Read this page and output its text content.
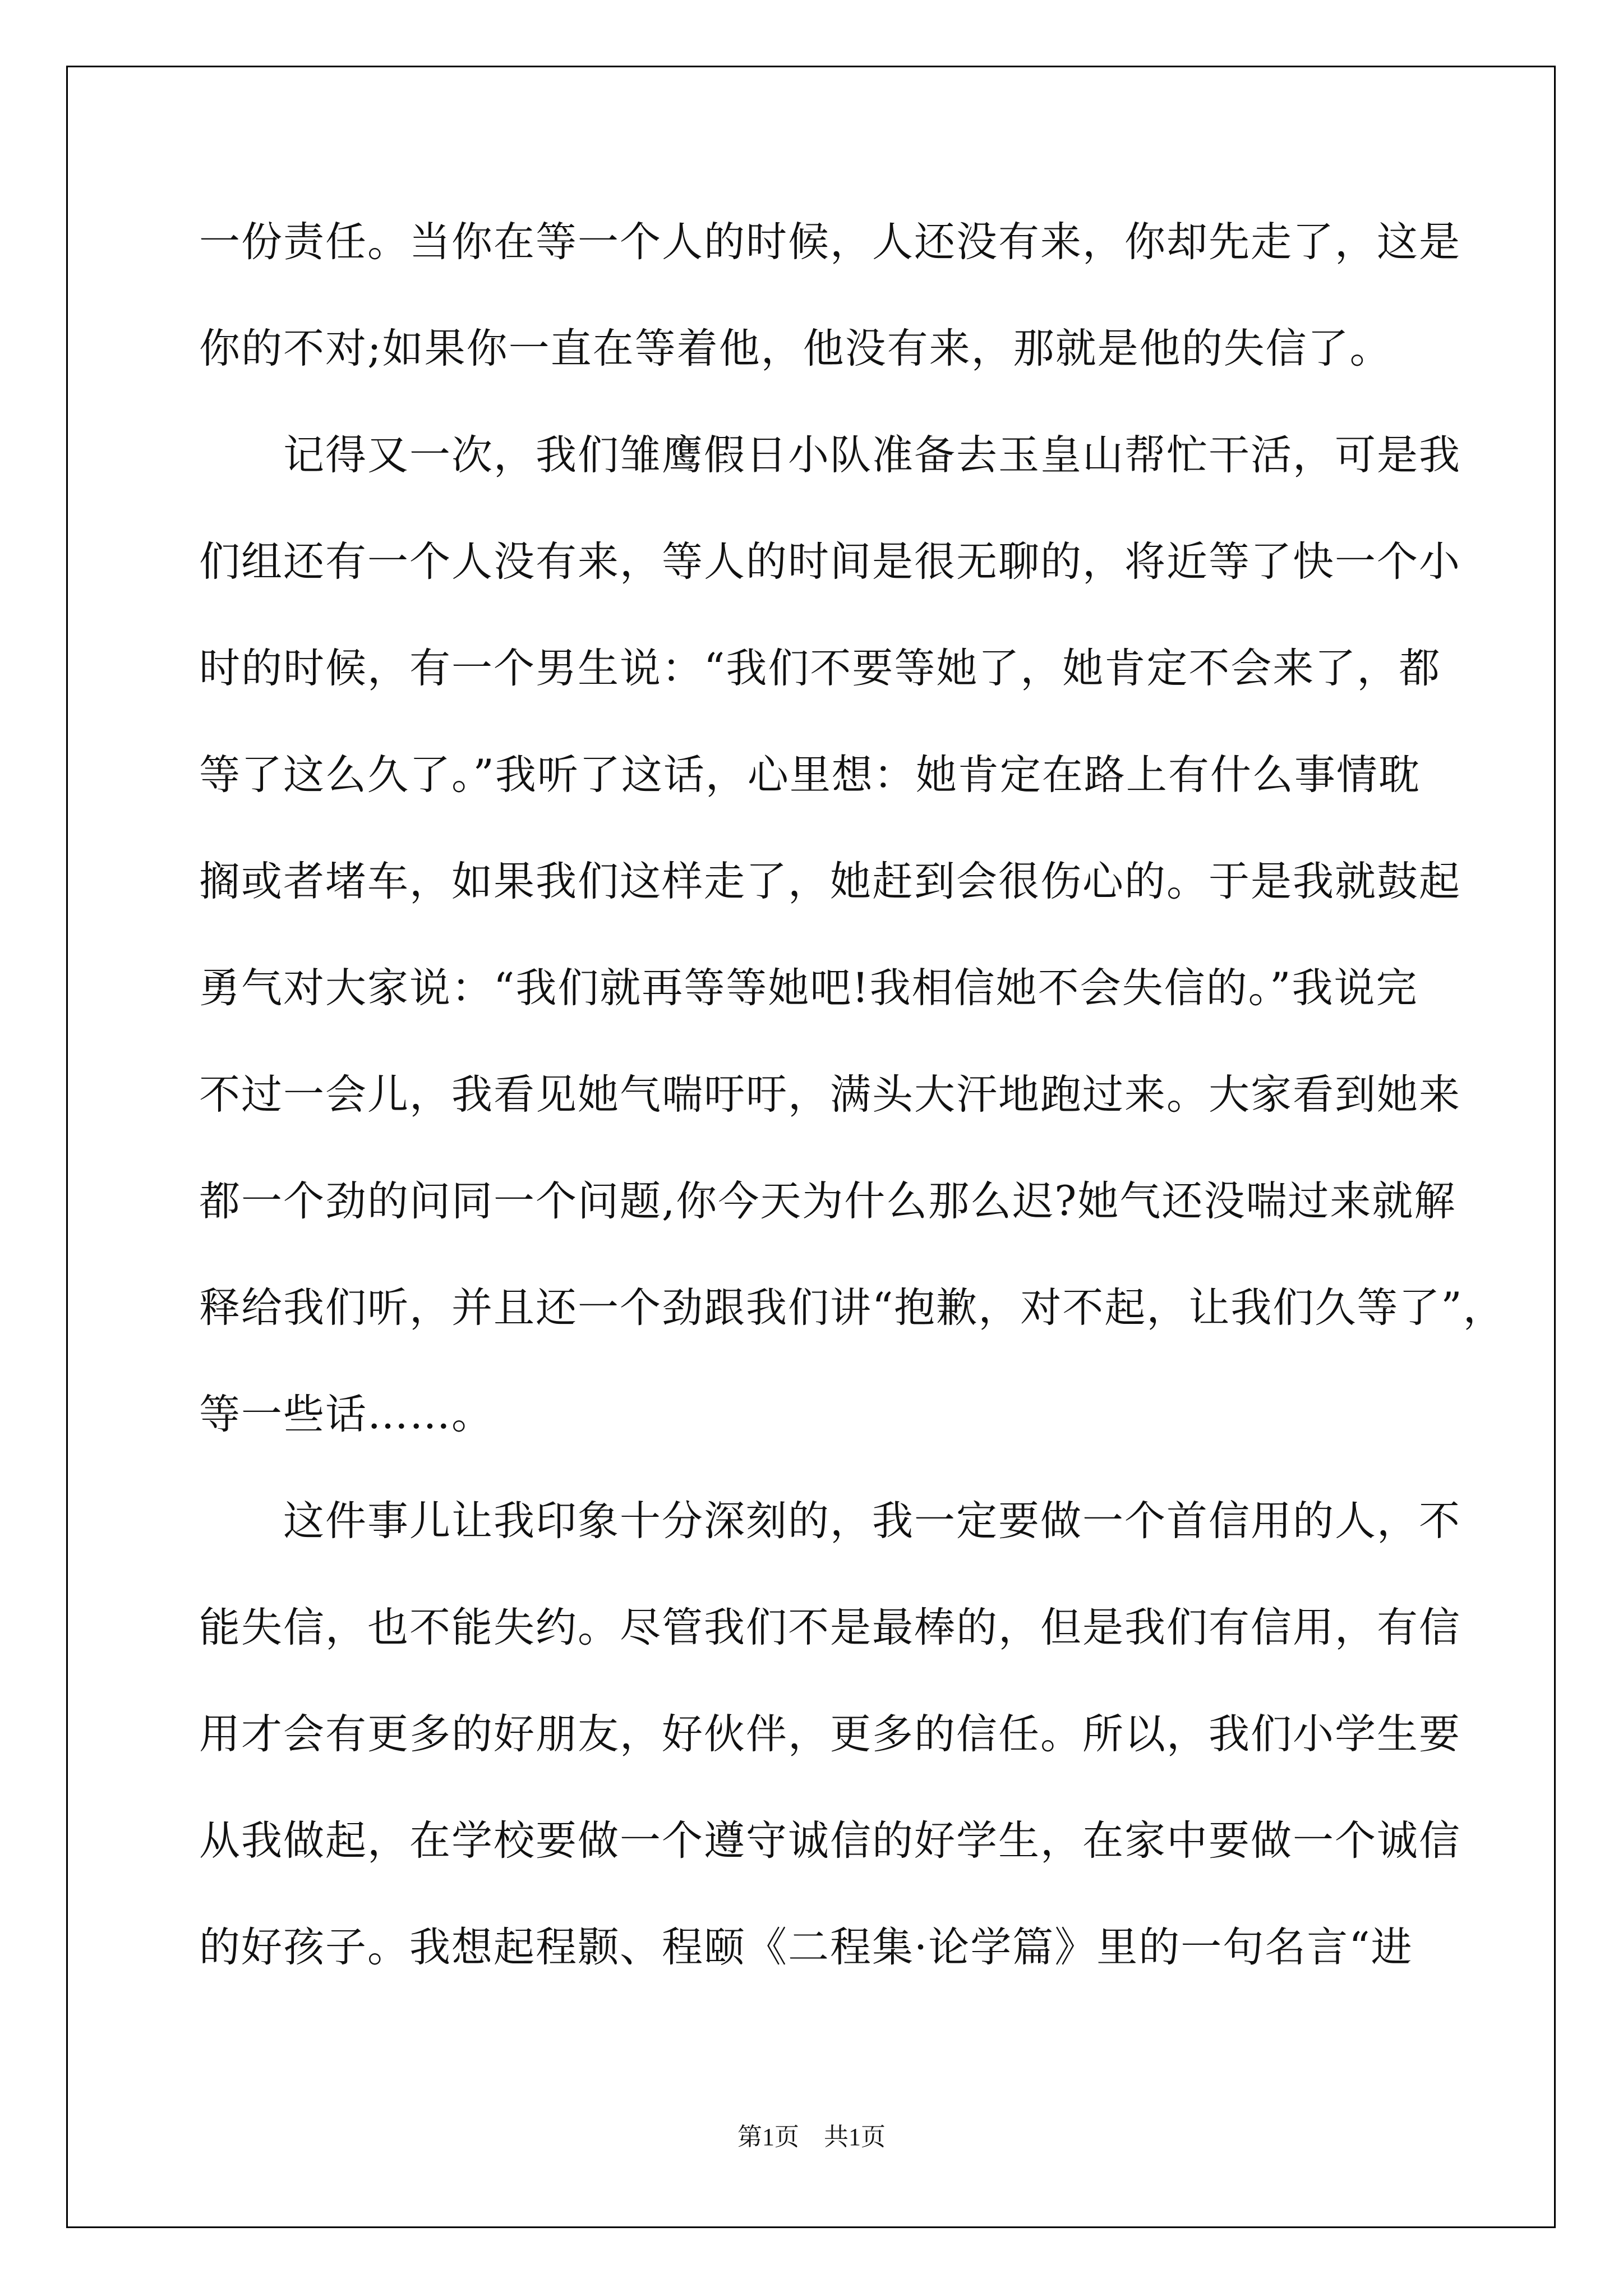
一份责任。当你在等一个人的时候，人还没有来，你却先走了，这是
你的不对;如果你一直在等着他，他没有来，那就是他的失信了。
　　记得又一次，我们雏鹰假日小队准备去玉皇山帮忙干活，可是我
们组还有一个人没有来，等人的时间是很无聊的，将近等了快一个小
时的时候，有一个男生说：“我们不要等她了，她肯定不会来了，都
等了这么久了。”我听了这话，心里想：她肯定在路上有什么事情耽
搁或者堵车，如果我们这样走了，她赶到会很伤心的。于是我就鼓起
勇气对大家说：“我们就再等等她吧!我相信她不会失信的。”我说完
不过一会儿，我看见她气喘吁吁，满头大汗地跑过来。大家看到她来
都一个劲的问同一个问题,你今天为什么那么迟?她气还没喘过来就解
释给我们听，并且还一个劲跟我们讲“抱歉，对不起，让我们久等了”，
等一些话……。
　　这件事儿让我印象十分深刻的，我一定要做一个首信用的人，不
能失信，也不能失约。尽管我们不是最棒的，但是我们有信用，有信
用才会有更多的好朋友，好伙伴，更多的信任。所以，我们小学生要
从我做起，在学校要做一个遵守诚信的好学生，在家中要做一个诚信
的好孩子。我想起程颢、程颐《二程集·论学篇》里的一句名言“进
第1页　共1页
